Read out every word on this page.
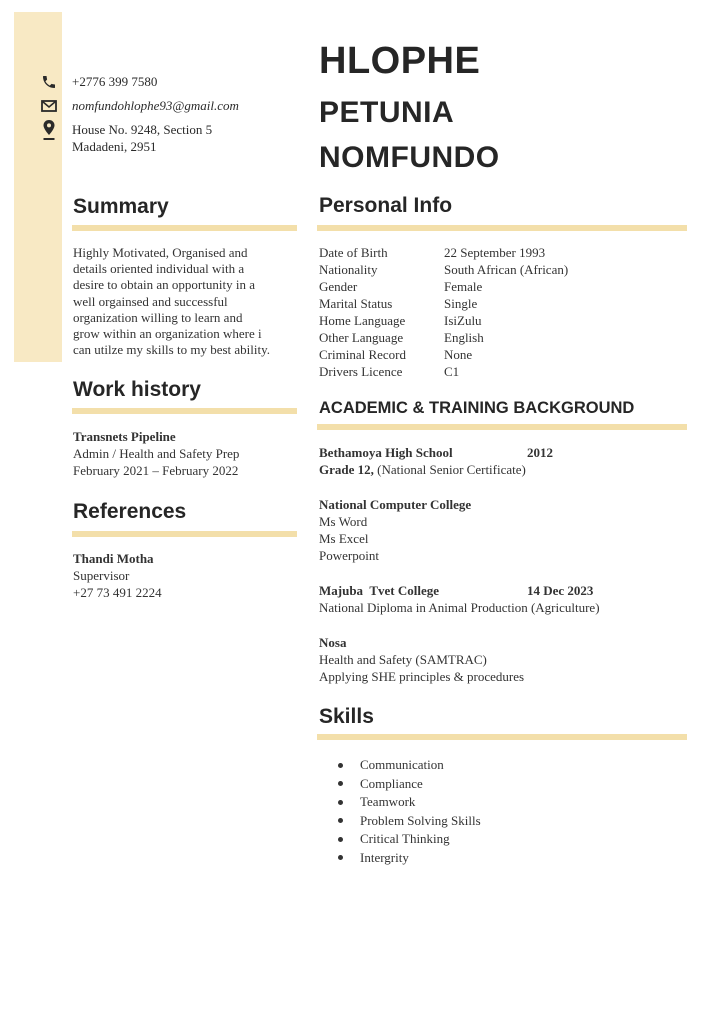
+2776 399 7580
nomfundohlophe93@gmail.com
House No. 9248, Section 5
Madadeni, 2951
HLOPHE
PETUNIA
NOMFUNDO
Summary
Highly Motivated, Organised and
details oriented individual with a
desire to obtain an opportunity in a
well orgainsed and successful
organization willing to learn and
grow within an organization where i
can utilze my skills to my best ability.
Work history
Transnets Pipeline
Admin / Health and Safety Prep
February 2021 – February 2022
References
Thandi Motha
Supervisor
+27 73 491 2224
Personal Info
Date of Birth	22 September 1993
Nationality	South African (African)
Gender	Female
Marital Status	Single
Home Language	IsiZulu
Other Language	English
Criminal Record	None
Drivers Licence	C1
ACADEMIC & TRAINING BACKGROUND
Bethamoya High School	2012
Grade 12, (National Senior Certificate)
National Computer College
Ms Word
Ms Excel
Powerpoint
Majuba  Tvet College	14 Dec 2023
National Diploma in Animal Production (Agriculture)
Nosa
Health and Safety (SAMTRAC)
Applying SHE principles & procedures
Skills
Communication
Compliance
Teamwork
Problem Solving Skills
Critical Thinking
Intergrity
